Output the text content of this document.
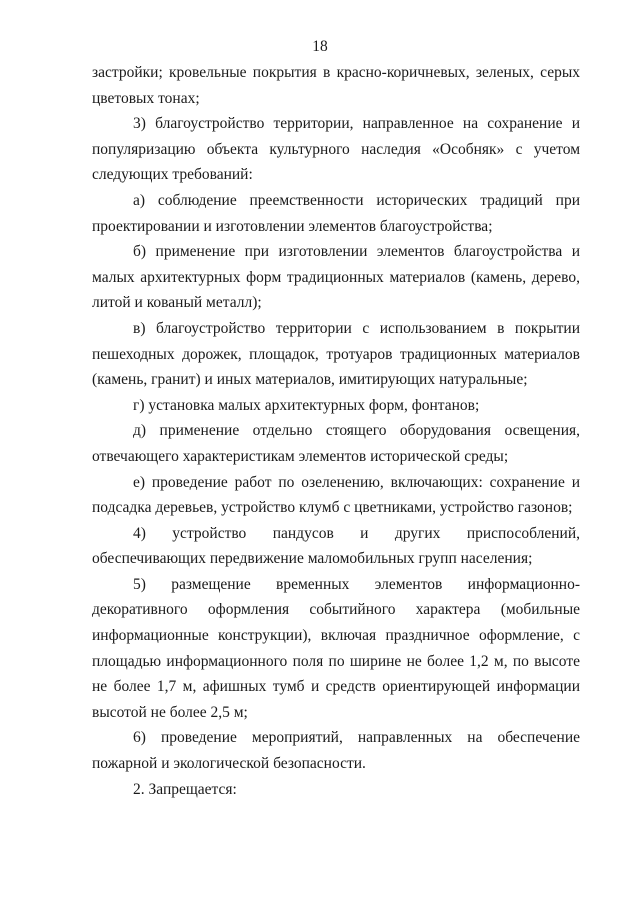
18

застройки; кровельные покрытия в красно-коричневых, зеленых, серых цветовых тонах;

3) благоустройство территории, направленное на сохранение и популяризацию объекта культурного наследия «Особняк» с учетом следующих требований:

а) соблюдение преемственности исторических традиций при проектировании и изготовлении элементов благоустройства;

б) применение при изготовлении элементов благоустройства и малых архитектурных форм традиционных материалов (камень, дерево, литой и кованый металл);

в) благоустройство территории с использованием в покрытии пешеходных дорожек, площадок, тротуаров традиционных материалов (камень, гранит) и иных материалов, имитирующих натуральные;

г) установка малых архитектурных форм, фонтанов;

д) применение отдельно стоящего оборудования освещения, отвечающего характеристикам элементов исторической среды;

е) проведение работ по озеленению, включающих: сохранение и подсадка деревьев, устройство клумб с цветниками, устройство газонов;

4) устройство пандусов и других приспособлений, обеспечивающих передвижение маломобильных групп населения;

5) размещение временных элементов информационно-декоративного оформления событийного характера (мобильные информационные конструкции), включая праздничное оформление, с площадью информационного поля по ширине не более 1,2 м, по высоте не более 1,7 м, афишных тумб и средств ориентирующей информации высотой не более 2,5 м;

6) проведение мероприятий, направленных на обеспечение пожарной и экологической безопасности.

2. Запрещается:
